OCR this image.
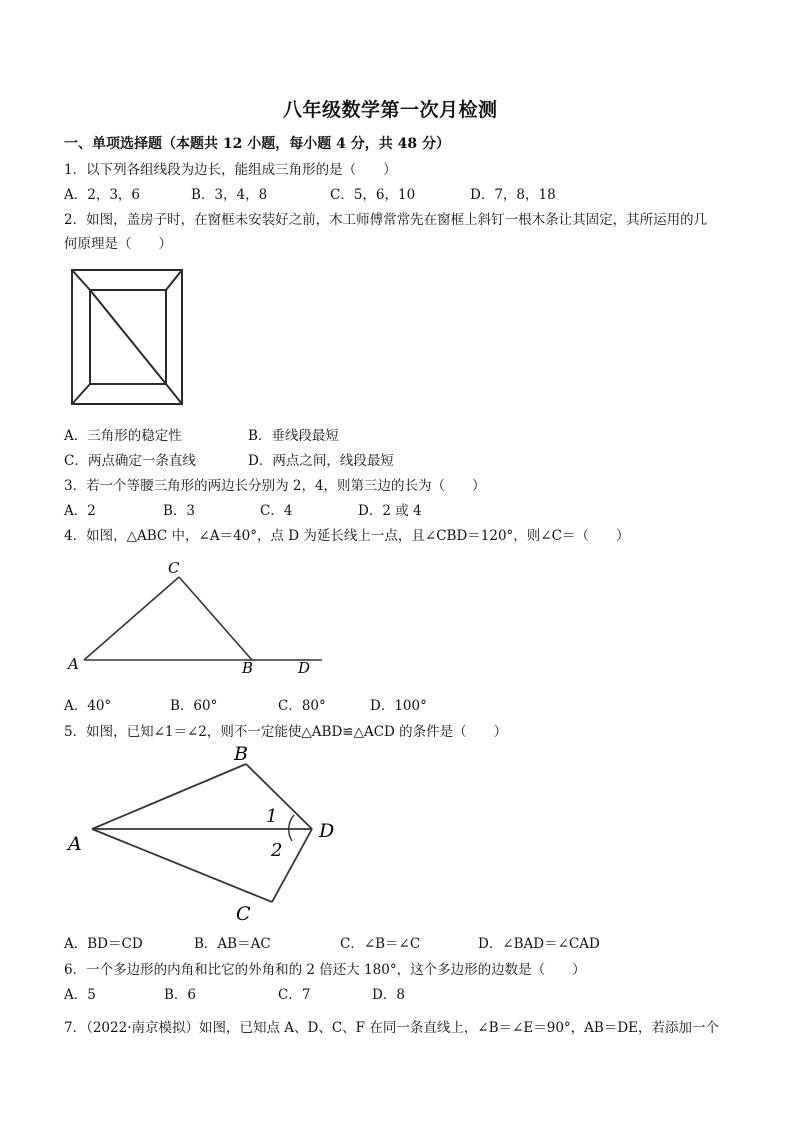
八年级数学第一次月检测
一、单项选择题（本题共 12 小题，每小题 4 分，共 48 分）
1．以下列各组线段为边长，能组成三角形的是（　　）
A．2，3，6	B．3，4，8	C．5，6，10	D．7，8，18
2．如图，盖房子时，在窗框未安装好之前，木工师傅常常先在窗框上斜钉一根木条让其固定，其所运用的几
何原理是（　　）
A．三角形的稳定性	B．垂线段最短
C．两点确定一条直线	D．两点之间，线段最短
3．若一个等腰三角形的两边长分别为 2，4，则第三边的长为（　　）
A．2	B．3	C．4	D．2 或 4
4．如图，△ABC 中，∠A＝40°，点 D 为延长线上一点，且∠CBD＝120°，则∠C＝（　　）
C
A	B	D
A．40°	B．60°	C．80°	D．100°
5．如图，已知∠1＝∠2，则不一定能使△ABD≌△ACD 的条件是（　　）
B
A
D
C
1
2
A．BD＝CD	B．AB＝AC	C．∠B＝∠C	D．∠BAD＝∠CAD
6．一个多边形的内角和比它的外角和的 2 倍还大 180°，这个多边形的边数是（　　）
A．5	B．6	C．7	D．8
7．（2022·南京模拟）如图，已知点 A、D、C、F 在同一条直线上，∠B＝∠E＝90°，AB＝DE，若添加一个
